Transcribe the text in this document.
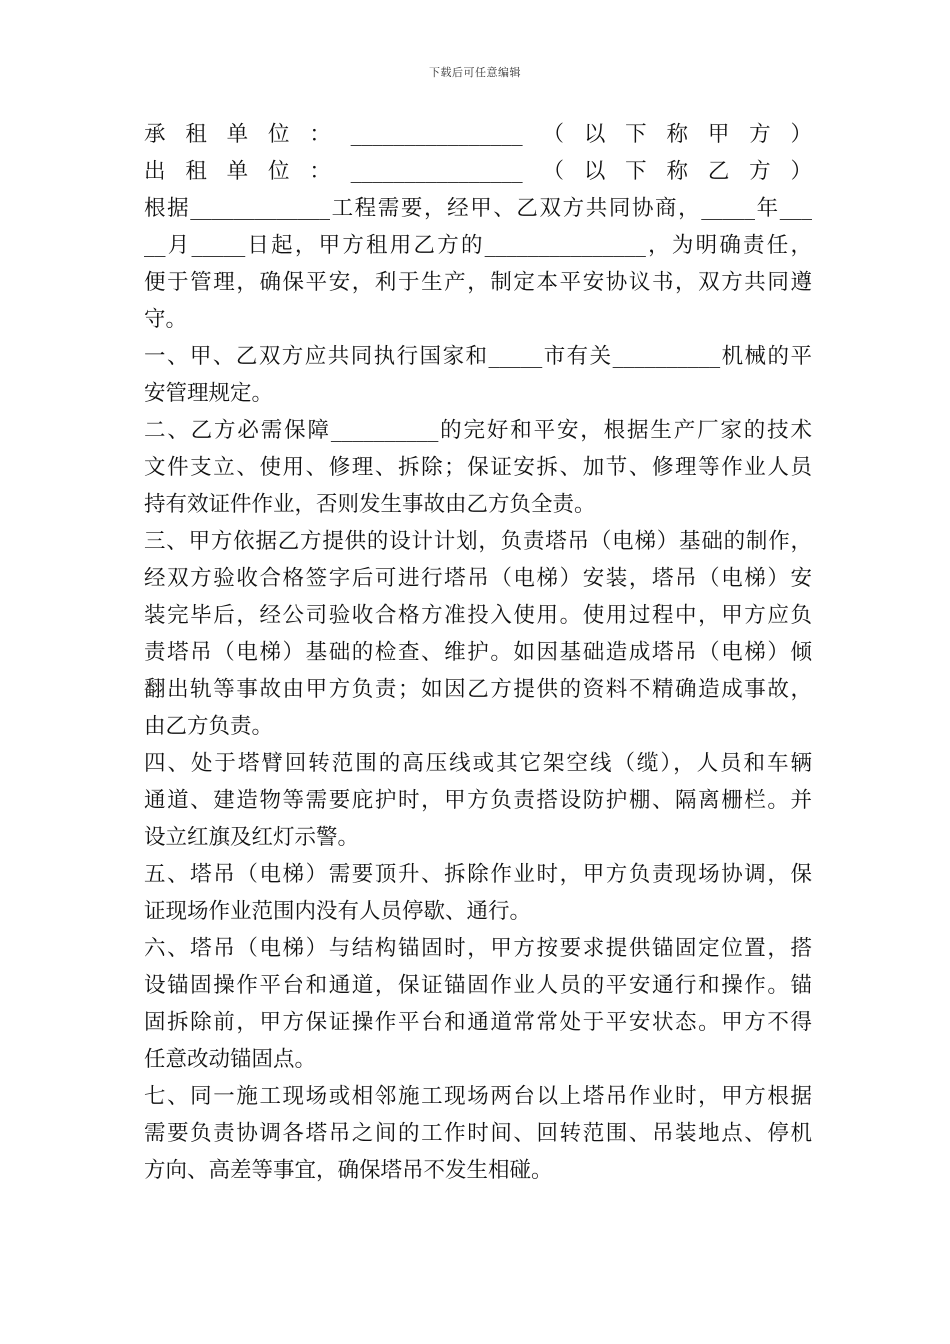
下载后可任意编辑
承租单位：________________（以下称甲方）
出租单位：________________（以下称乙方）
根据_____________工程需要，经甲、乙双方共同协商，_____年___
__月_____日起，甲方租用乙方的_______________，为明确责任，
便于管理，确保平安，利于生产，制定本平安协议书，双方共同遵
守。
一、甲、乙双方应共同执行国家和_____市有关__________机械的平
安管理规定。
二、乙方必需保障__________的完好和平安，根据生产厂家的技术
文件支立、使用、修理、拆除；保证安拆、加节、修理等作业人员
持有效证件作业，否则发生事故由乙方负全责。
三、甲方依据乙方提供的设计计划，负责塔吊（电梯）基础的制作，
经双方验收合格签字后可进行塔吊（电梯）安装，塔吊（电梯）安
装完毕后，经公司验收合格方准投入使用。使用过程中，甲方应负
责塔吊（电梯）基础的检查、维护。如因基础造成塔吊（电梯）倾
翻出轨等事故由甲方负责；如因乙方提供的资料不精确造成事故，
由乙方负责。
四、处于塔臂回转范围的高压线或其它架空线（缆），人员和车辆
通道、建造物等需要庇护时，甲方负责搭设防护棚、隔离栅栏。并
设立红旗及红灯示警。
五、塔吊（电梯）需要顶升、拆除作业时，甲方负责现场协调，保
证现场作业范围内没有人员停歇、通行。
六、塔吊（电梯）与结构锚固时，甲方按要求提供锚固定位置，搭
设锚固操作平台和通道，保证锚固作业人员的平安通行和操作。锚
固拆除前，甲方保证操作平台和通道常常处于平安状态。甲方不得
任意改动锚固点。
七、同一施工现场或相邻施工现场两台以上塔吊作业时，甲方根据
需要负责协调各塔吊之间的工作时间、回转范围、吊装地点、停机
方向、高差等事宜，确保塔吊不发生相碰。
